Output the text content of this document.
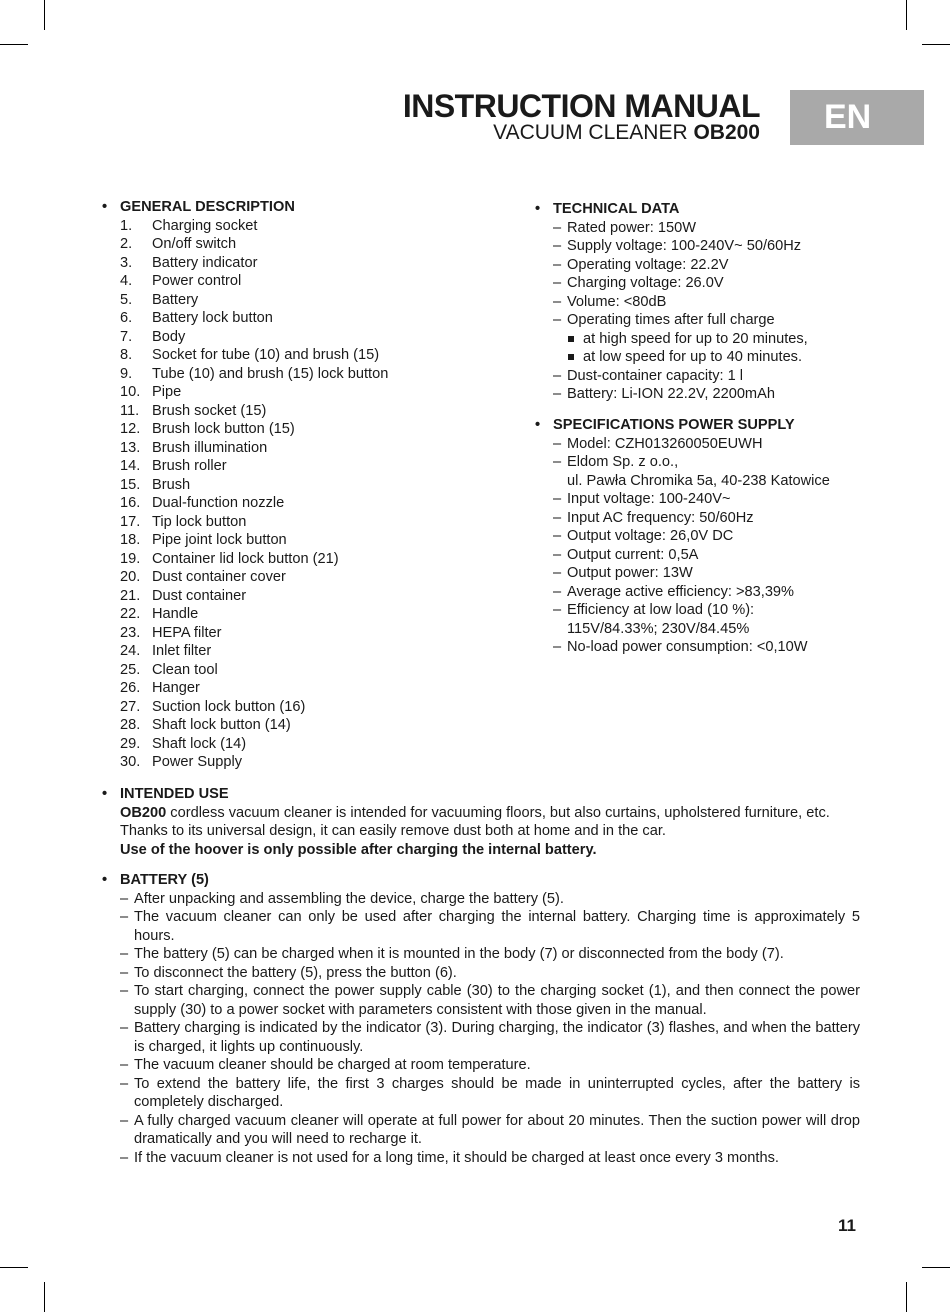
INSTRUCTION MANUAL
VACUUM CLEANER OB200	EN
• GENERAL DESCRIPTION
1. Charging socket
2. On/off switch
3. Battery indicator
4. Power control
5. Battery
6. Battery lock button
7. Body
8. Socket for tube (10) and brush (15)
9. Tube (10) and brush (15) lock button
10. Pipe
11. Brush socket (15)
12. Brush lock button (15)
13. Brush illumination
14. Brush roller
15. Brush
16. Dual-function nozzle
17. Tip lock button
18. Pipe joint lock button
19. Container lid lock button (21)
20. Dust container cover
21. Dust container
22. Handle
23. HEPA filter
24. Inlet filter
25. Clean tool
26. Hanger
27. Suction lock button (16)
28. Shaft lock button (14)
29. Shaft lock (14)
30. Power Supply
• TECHNICAL DATA
– Rated power: 150W
– Supply voltage: 100-240V~ 50/60Hz
– Operating voltage: 22.2V
– Charging voltage: 26.0V
– Volume: <80dB
– Operating times after full charge
at high speed for up to 20 minutes,
at low speed for up to 40 minutes.
– Dust-container capacity: 1 l
– Battery: Li-ION 22.2V, 2200mAh
• SPECIFICATIONS POWER SUPPLY
– Model: CZH013260050EUWH
– Eldom Sp. z o.o.,
ul. Pawła Chromika 5a, 40-238 Katowice
– Input voltage: 100-240V~
– Input AC frequency: 50/60Hz
– Output voltage: 26,0V DC
– Output current: 0,5A
– Output power: 13W
– Average active efficiency: >83,39%
– Efficiency at low load (10 %):
115V/84.33%; 230V/84.45%
– No-load power consumption: <0,10W
• INTENDED USE
OB200 cordless vacuum cleaner is intended for vacuuming floors, but also curtains, upholstered furniture, etc. Thanks to its universal design, it can easily remove dust both at home and in the car.
Use of the hoover is only possible after charging the internal battery.
• BATTERY (5)
– After unpacking and assembling the device, charge the battery (5).
– The vacuum cleaner can only be used after charging the internal battery. Charging time is approximately 5 hours.
– The battery (5) can be charged when it is mounted in the body (7) or disconnected from the body (7).
– To disconnect the battery (5), press the button (6).
– To start charging, connect the power supply cable (30) to the charging socket (1), and then connect the power supply (30) to a power socket with parameters consistent with those given in the manual.
– Battery charging is indicated by the indicator (3). During charging, the indicator (3) flashes, and when the battery is charged, it lights up continuously.
– The vacuum cleaner should be charged at room temperature.
– To extend the battery life, the first 3 charges should be made in uninterrupted cycles, after the battery is completely discharged.
– A fully charged vacuum cleaner will operate at full power for about 20 minutes. Then the suction power will drop dramatically and you will need to recharge it.
– If the vacuum cleaner is not used for a long time, it should be charged at least once every 3 months.
11
